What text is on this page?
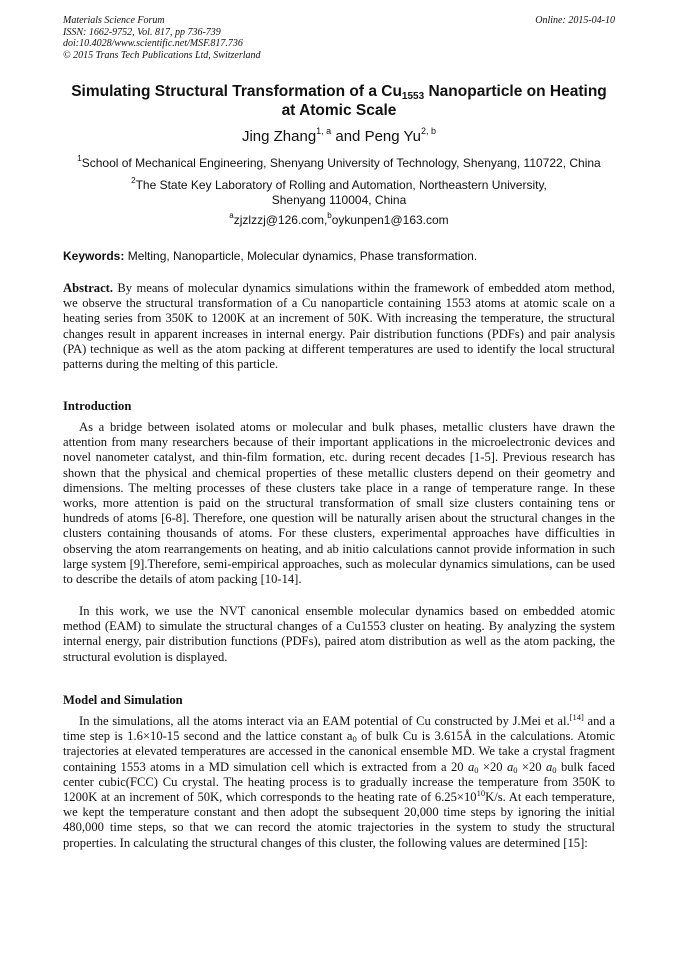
Materials Science Forum
ISSN: 1662-9752, Vol. 817, pp 736-739
doi:10.4028/www.scientific.net/MSF.817.736
© 2015 Trans Tech Publications Ltd, Switzerland
Online: 2015-04-10
Simulating Structural Transformation of a $Cu_{1553}$ Nanoparticle on Heating
at Atomic Scale
Jing Zhang$^{1, a}$ and Peng Yu$^{2, b}$
$^1$School of Mechanical Engineering, Shenyang University of Technology, Shenyang, 110722, China
$^2$The State Key Laboratory of Rolling and Automation, Northeastern University,
Shenyang 110004, China
$^a$zjzlzzj@126.com,$^b$oykunpen1@163.com
Keywords: Melting, Nanoparticle, Molecular dynamics, Phase transformation.
Abstract. By means of molecular dynamics simulations within the framework of embedded atom method, we observe the structural transformation of a Cu nanoparticle containing 1553 atoms at atomic scale on a heating series from 350K to 1200K at an increment of 50K. With increasing the temperature, the structural changes result in apparent increases in internal energy. Pair distribution functions (PDFs) and pair analysis (PA) technique as well as the atom packing at different temperatures are used to identify the local structural patterns during the melting of this particle.
Introduction
As a bridge between isolated atoms or molecular and bulk phases, metallic clusters have drawn the attention from many researchers because of their important applications in the microelectronic devices and novel nanometer catalyst, and thin-film formation, etc. during recent decades [1-5]. Previous research has shown that the physical and chemical properties of these metallic clusters depend on their geometry and dimensions. The melting processes of these clusters take place in a range of temperature range. In these works, more attention is paid on the structural transformation of small size clusters containing tens or hundreds of atoms [6-8]. Therefore, one question will be naturally arisen about the structural changes in the clusters containing thousands of atoms. For these clusters, experimental approaches have difficulties in observing the atom rearrangements on heating, and ab initio calculations cannot provide information in such large system [9].Therefore, semi-empirical approaches, such as molecular dynamics simulations, can be used to describe the details of atom packing [10-14].
In this work, we use the NVT canonical ensemble molecular dynamics based on embedded atomic method (EAM) to simulate the structural changes of a Cu1553 cluster on heating. By analyzing the system internal energy, pair distribution functions (PDFs), paired atom distribution as well as the atom packing, the structural evolution is displayed.
Model and Simulation
In the simulations, all the atoms interact via an EAM potential of Cu constructed by J.Mei et al.[14] and a time step is 1.6×10-15 second and the lattice constant $a_0$ of bulk Cu is 3.615Å in the calculations. Atomic trajectories at elevated temperatures are accessed in the canonical ensemble MD. We take a crystal fragment containing 1553 atoms in a MD simulation cell which is extracted from a 20 $a_0 \times 20$ $a_0 \times 20$ $a_0$ bulk faced center cubic(FCC) Cu crystal. The heating process is to gradually increase the temperature from 350K to 1200K at an increment of 50K, which corresponds to the heating rate of $6.25\times 10^{10}K/s$. At each temperature, we kept the temperature constant and then adopt the subsequent 20,000 time steps by ignoring the initial 480,000 time steps, so that we can record the atomic trajectories in the system to study the structural properties. In calculating the structural changes of this cluster, the following values are determined [15]:
